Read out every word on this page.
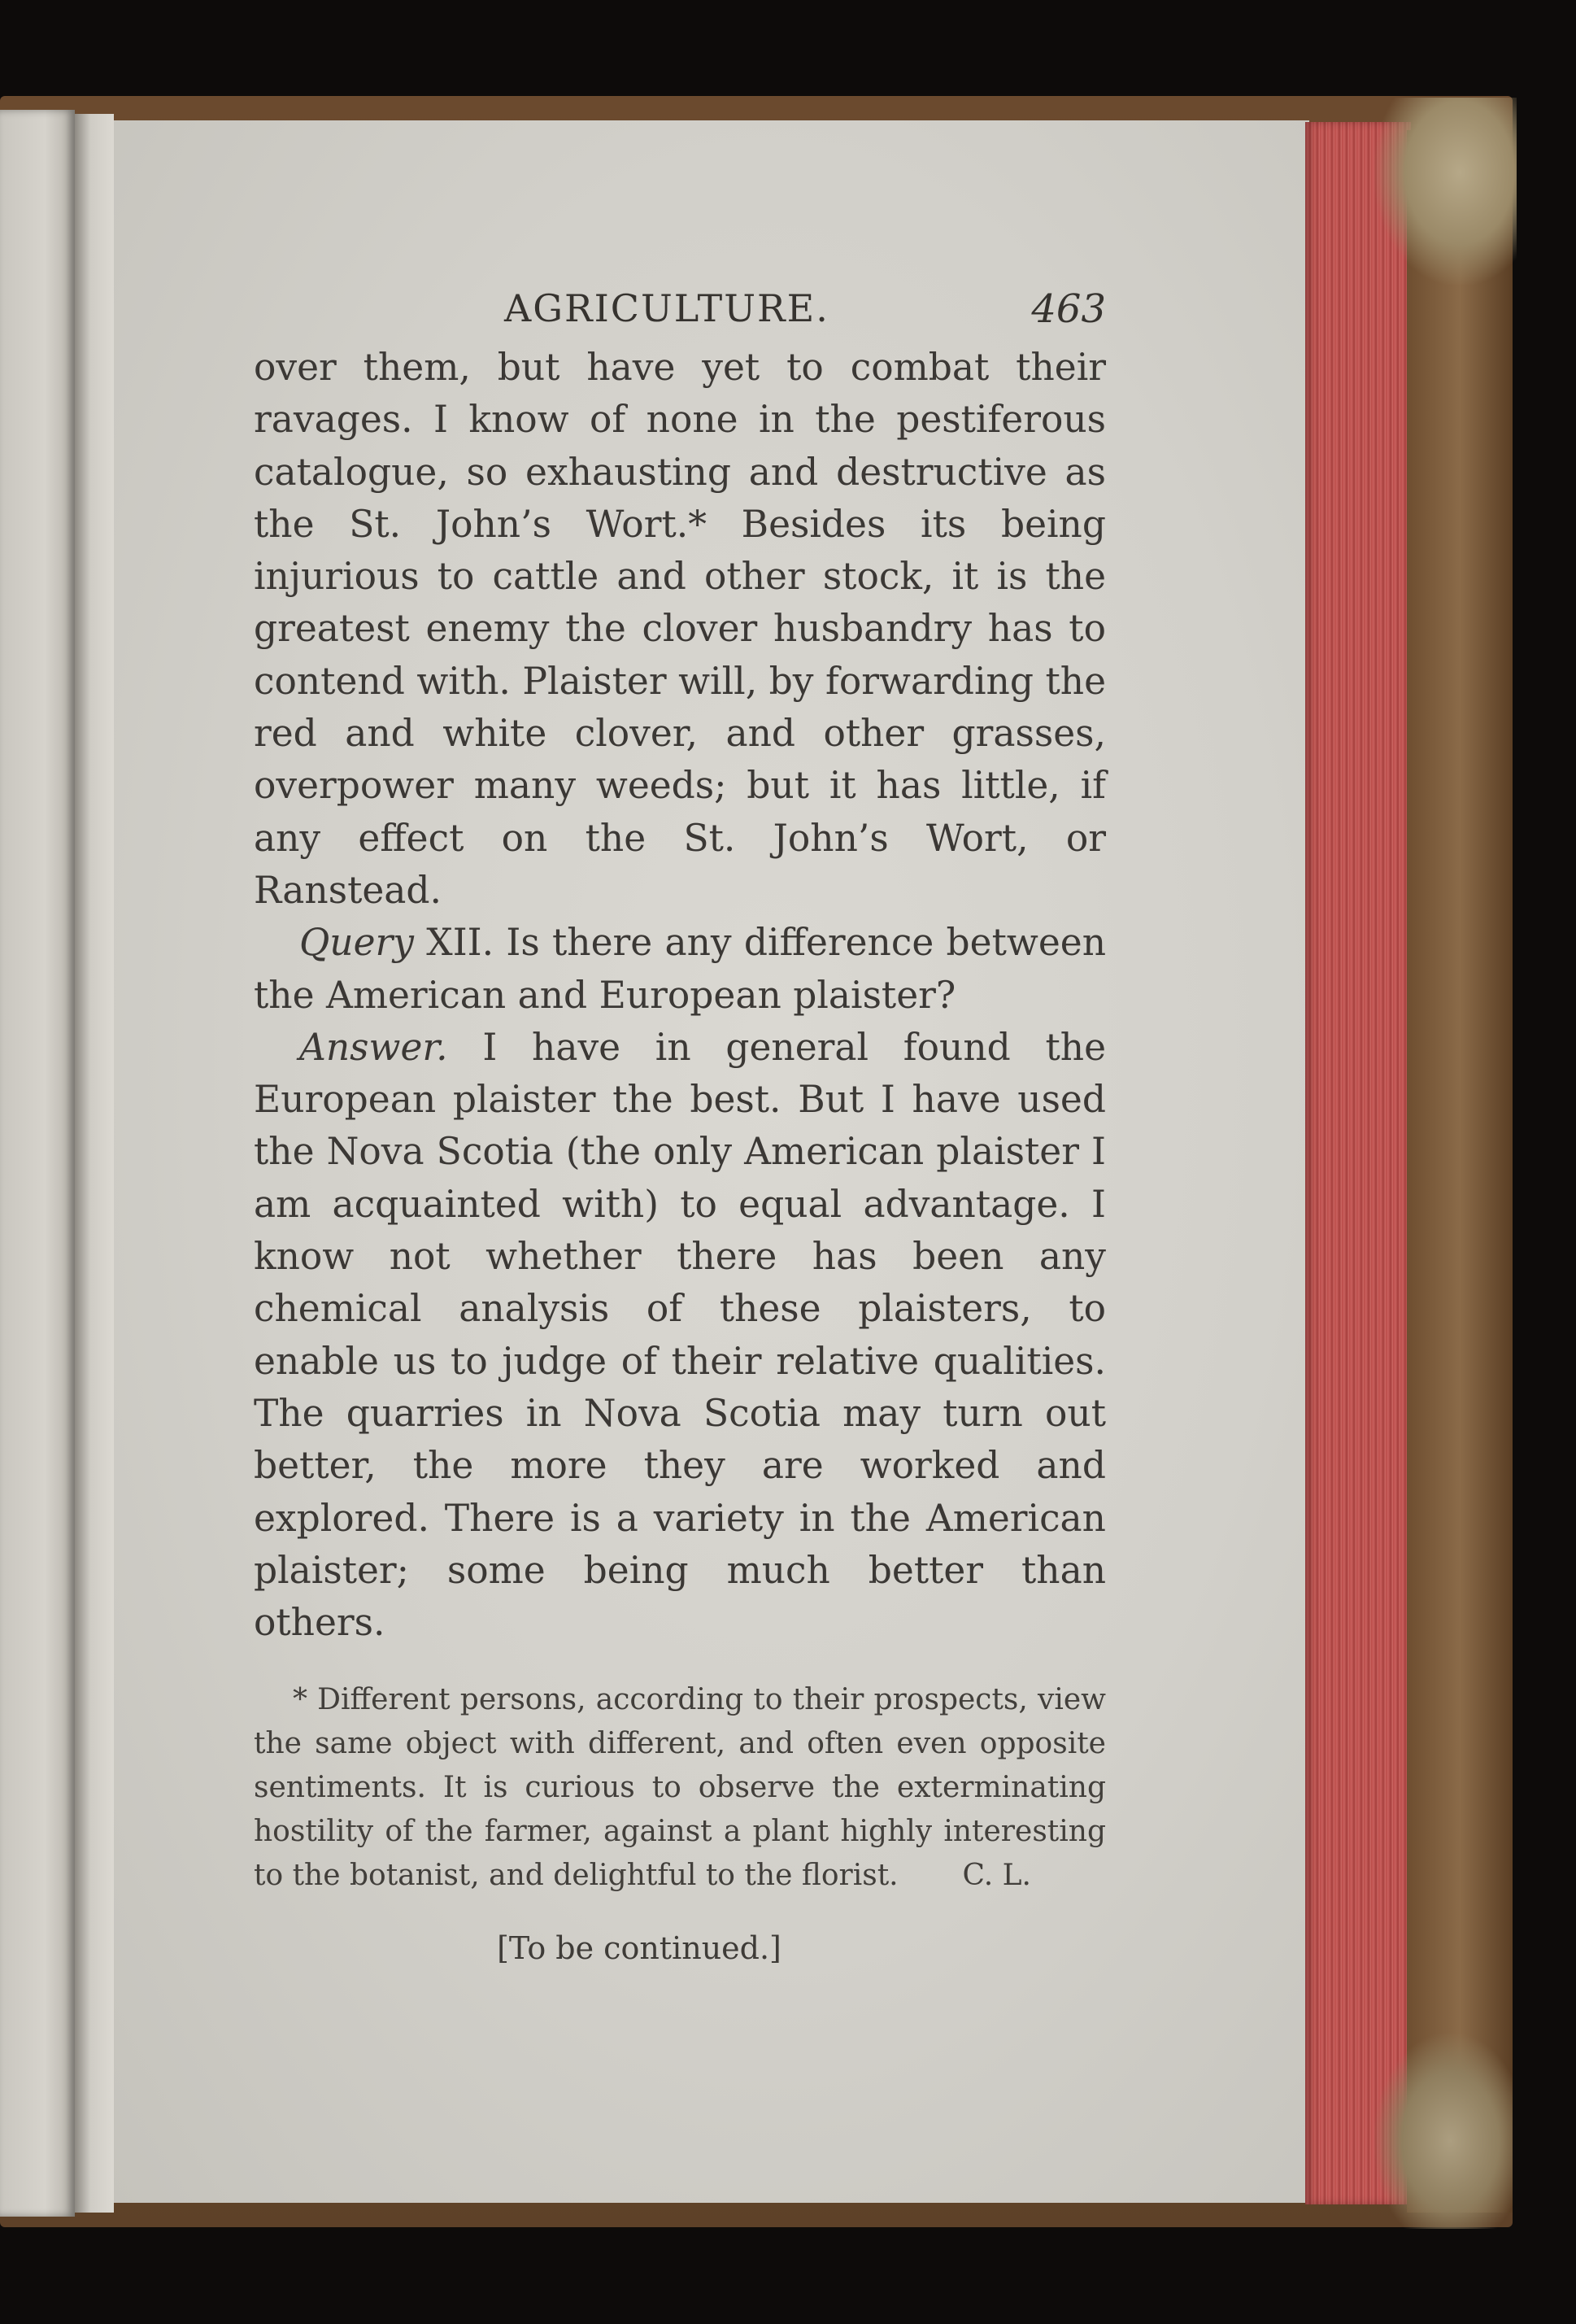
AGRICULTURE.	463

over them, but have yet to combat their ravages. I know of none in the pestiferous catalogue, so exhausting and destructive as the St. John’s Wort.* Besides its being injurious to cattle and other stock, it is the greatest enemy the clover husbandry has to contend with. Plaister will, by forwarding the red and white clover, and other grasses, overpower many weeds; but it has little, if any effect on the St. John’s Wort, or Ranstead.

Query XII. Is there any difference between the American and European plaister?

Answer. I have in general found the European plaister the best. But I have used the Nova Scotia (the only American plaister I am acquainted with) to equal advantage. I know not whether there has been any chemical analysis of these plaisters, to enable us to judge of their relative qualities. The quarries in Nova Scotia may turn out better, the more they are worked and explored. There is a variety in the American plaister; some being much better than others.

* Different persons, according to their prospects, view the same object with different, and often even opposite sentiments. It is curious to observe the exterminating hostility of the farmer, against a plant highly interesting to the botanist, and delightful to the florist.	C. L.

[To be continued.]
